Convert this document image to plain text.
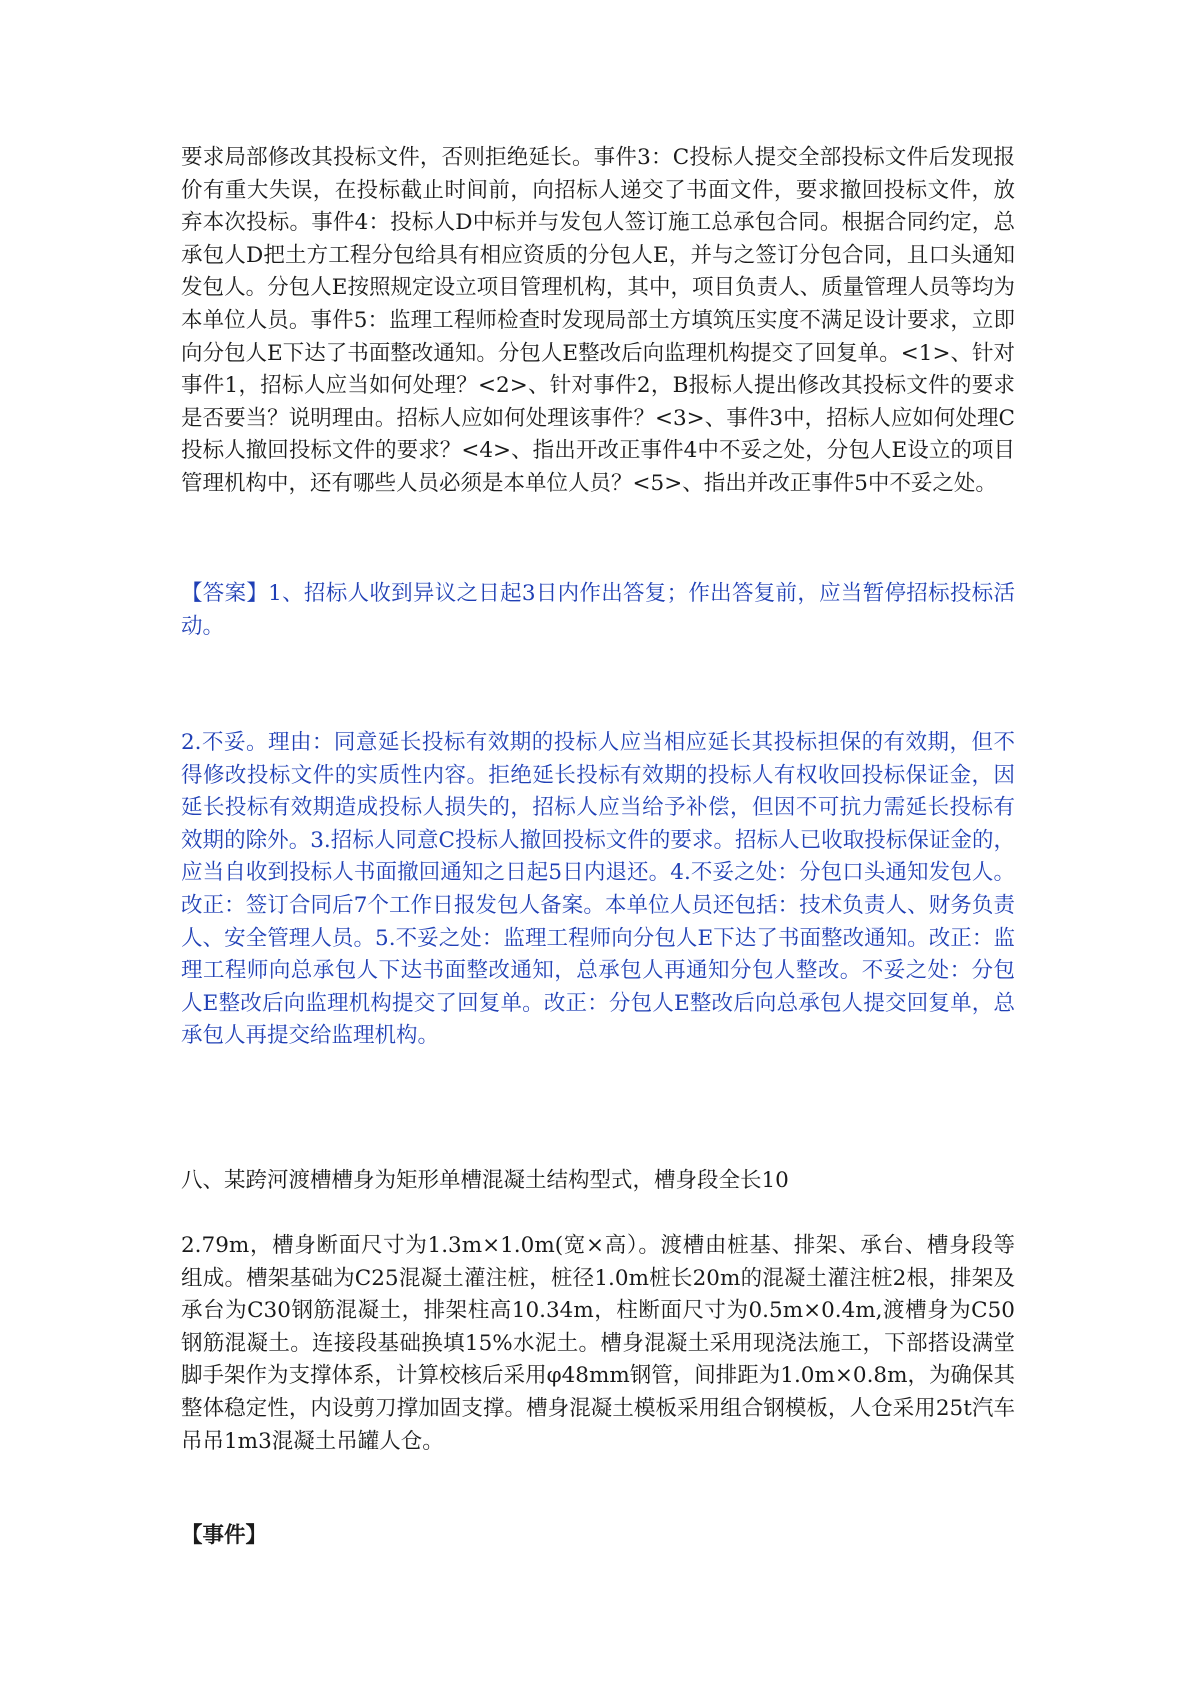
要求局部修改其投标文件，否则拒绝延长。事件3：C投标人提交全部投标文件后发现报价有重大失误，在投标截止时间前，向招标人递交了书面文件，要求撤回投标文件，放弃本次投标。事件4：投标人D中标并与发包人签订施工总承包合同。根据合同约定，总承包人D把土方工程分包给具有相应资质的分包人E，并与之签订分包合同，且口头通知发包人。分包人E按照规定设立项目管理机构，其中，项目负责人、质量管理人员等均为本单位人员。事件5：监理工程师检查时发现局部土方填筑压实度不满足设计要求，立即向分包人E下达了书面整改通知。分包人E整改后向监理机构提交了回复单。<1>、针对事件1，招标人应当如何处理？<2>、针对事件2，B报标人提出修改其投标文件的要求是否要当？说明理由。招标人应如何处理该事件？<3>、事件3中，招标人应如何处理C投标人撤回投标文件的要求？<4>、指出开改正事件4中不妥之处，分包人E设立的项目管理机构中，还有哪些人员必须是本单位人员？<5>、指出并改正事件5中不妥之处。

【答案】1、招标人收到异议之日起3日内作出答复；作出答复前，应当暂停招标投标活动。

2.不妥。理由：同意延长投标有效期的投标人应当相应延长其投标担保的有效期，但不得修改投标文件的实质性内容。拒绝延长投标有效期的投标人有权收回投标保证金，因延长投标有效期造成投标人损失的，招标人应当给予补偿，但因不可抗力需延长投标有效期的除外。3.招标人同意C投标人撤回投标文件的要求。招标人已收取投标保证金的，应当自收到投标人书面撤回通知之日起5日内退还。4.不妥之处：分包口头通知发包人。改正：签订合同后7个工作日报发包人备案。本单位人员还包括：技术负责人、财务负责人、安全管理人员。5.不妥之处：监理工程师向分包人E下达了书面整改通知。改正：监理工程师向总承包人下达书面整改通知，总承包人再通知分包人整改。不妥之处：分包人E整改后向监理机构提交了回复单。改正：分包人E整改后向总承包人提交回复单，总承包人再提交给监理机构。

八、某跨河渡槽槽身为矩形单槽混凝土结构型式，槽身段全长10

2.79m，槽身断面尺寸为1.3m×1.0m(宽×高）。渡槽由桩基、排架、承台、槽身段等组成。槽架基础为C25混凝土灌注桩，桩径1.0m桩长20m的混凝土灌注桩2根，排架及承台为C30钢筋混凝土，排架柱高10.34m，柱断面尺寸为0.5m×0.4m,渡槽身为C50钢筋混凝土。连接段基础换填15%水泥土。槽身混凝土采用现浇法施工，下部搭设满堂脚手架作为支撑体系，计算校核后采用φ48mm钢管，间排距为1.0m×0.8m，为确保其整体稳定性，内设剪刀撑加固支撑。槽身混凝土模板采用组合钢模板，人仓采用25t汽车吊吊1m3混凝土吊罐人仓。

【事件】
